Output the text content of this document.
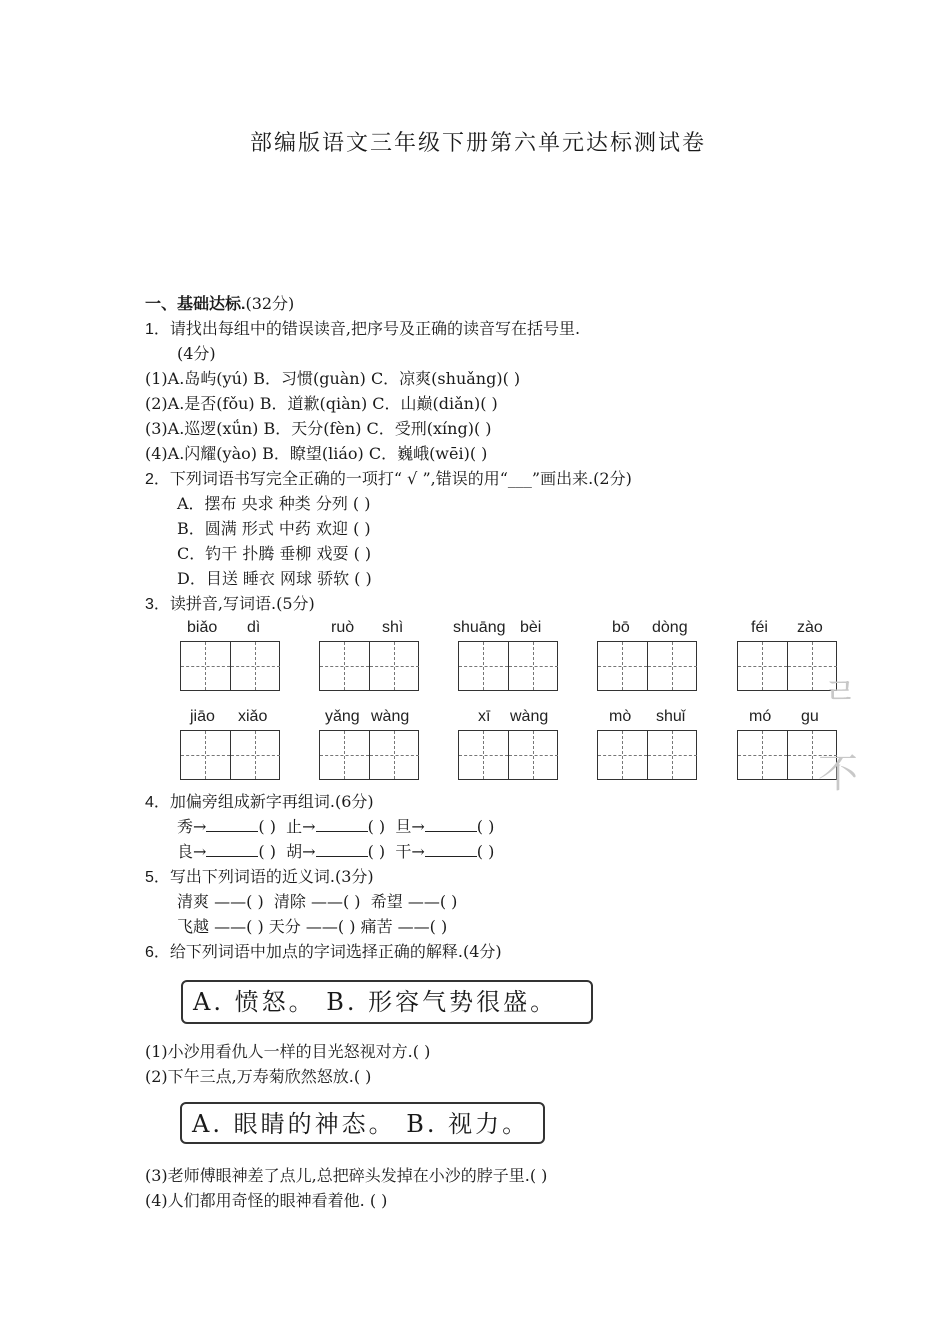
部编版语文三年级下册第六单元达标测试卷
一、基础达标.(32分)
1．请找出每组中的错误读音,把序号及正确的读音写在括号里.
(4分)
(1)A.岛屿(yú) B．习惯(guàn) C．凉爽(shuǎng)( )
(2)A.是否(fǒu) B．道歉(qiàn) C．山巅(diǎn)( )
(3)A.巡逻(xǘn) B．天分(fèn) C．受刑(xíng)( )
(4)A.闪耀(yào) B．瞭望(liáo) C．巍峨(wēi)( )
2．下列词语书写完全正确的一项打“ √ ”,错误的用“___”画出来.(2分)
A．摆布 央求 种类 分列 ( )
B．圆满 形式 中药 欢迎 ( )
C．钓干 扑腾 垂柳 戏耍 ( )
D．目送 睡衣 网球 骄软 ( )
3．读拼音,写词语.(5分)
biǎo dì	ruò shì	shuāng bèi	bō dòng	féi zào
jiāo xiǎo	yǎng wàng	xī wàng	mò shuǐ	mó gu
ㄹ
不
4．加偏旁组成新字再组词.(6分)
秀→	( ) 止→	( ) 旦→	( )
良→	( ) 胡→	( ) 干→	( )
5．写出下列词语的近义词.(3分)
清爽 ——( ) 清除 ——( ) 希望 ——( )
飞越 ——( ) 天分 ——( ) 痛苦 ——( )
6．给下列词语中加点的字词选择正确的解释.(4分)
A. 愤怒。 B. 形容气势很盛。
(1)小沙用看仇人一样的目光怒视对方.( )
(2)下午三点,万寿菊欣然怒放.( )
A. 眼睛的神态。 B. 视力。
(3)老师傅眼神差了点儿,总把碎头发掉在小沙的脖子里.( )
(4)人们都用奇怪的眼神看着他. ( )
